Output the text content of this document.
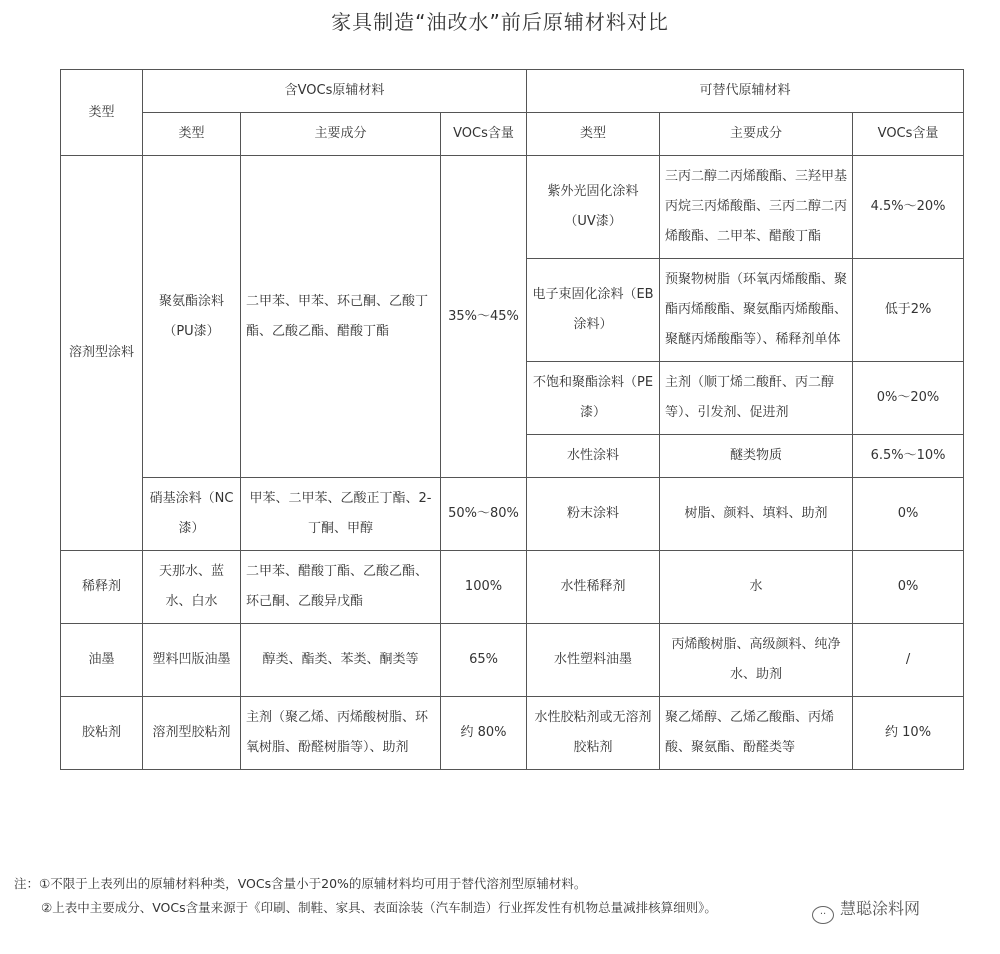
家具制造“油改水”前后原辅材料对比
类型	含VOCs原辅材料			可替代原辅材料		
	类型	主要成分	VOCs含量	类型	主要成分	VOCs含量
溶剂型涂料	聚氨酯涂料（PU漆）	二甲苯、甲苯、环己酮、乙酸丁酯、乙酸乙酯、醋酸丁酯	35%～45%	紫外光固化涂料（UV漆）	三丙二醇二丙烯酸酯、三羟甲基丙烷三丙烯酸酯、三丙二醇二丙烯酸酯、二甲苯、醋酸丁酯	4.5%～20%
				电子束固化涂料（EB涂料）	预聚物树脂（环氧丙烯酸酯、聚酯丙烯酸酯、聚氨酯丙烯酸酯、聚醚丙烯酸酯等）、稀释剂单体	低于2%
				不饱和聚酯涂料（PE漆）	主剂（顺丁烯二酸酐、丙二醇等）、引发剂、促进剂	0%～20%
				水性涂料	醚类物质	6.5%～10%
	硝基涂料（NC漆）	甲苯、二甲苯、乙酸正丁酯、2-丁酮、甲醇	50%～80%	粉末涂料	树脂、颜料、填料、助剂	0%
稀释剂	天那水、蓝水、白水	二甲苯、醋酸丁酯、乙酸乙酯、环己酮、乙酸异戊酯	100%	水性稀释剂	水	0%
油墨	塑料凹版油墨	醇类、酯类、苯类、酮类等	65%	水性塑料油墨	丙烯酸树脂、高级颜料、纯净水、助剂	/
胶粘剂	溶剂型胶粘剂	主剂（聚乙烯、丙烯酸树脂、环氧树脂、酚醛树脂等）、助剂	约 80%	水性胶粘剂或无溶剂胶粘剂	聚乙烯醇、乙烯乙酸酯、丙烯酸、聚氨酯、酚醛类等	约 10%
注：①不限于上表列出的原辅材料种类，VOCs含量小于20%的原辅材料均可用于替代溶剂型原辅材料。
②上表中主要成分、VOCs含量来源于《印刷、制鞋、家具、表面涂装（汽车制造）行业挥发性有机物总量减排核算细则》。	·· 慧聪涂料网
